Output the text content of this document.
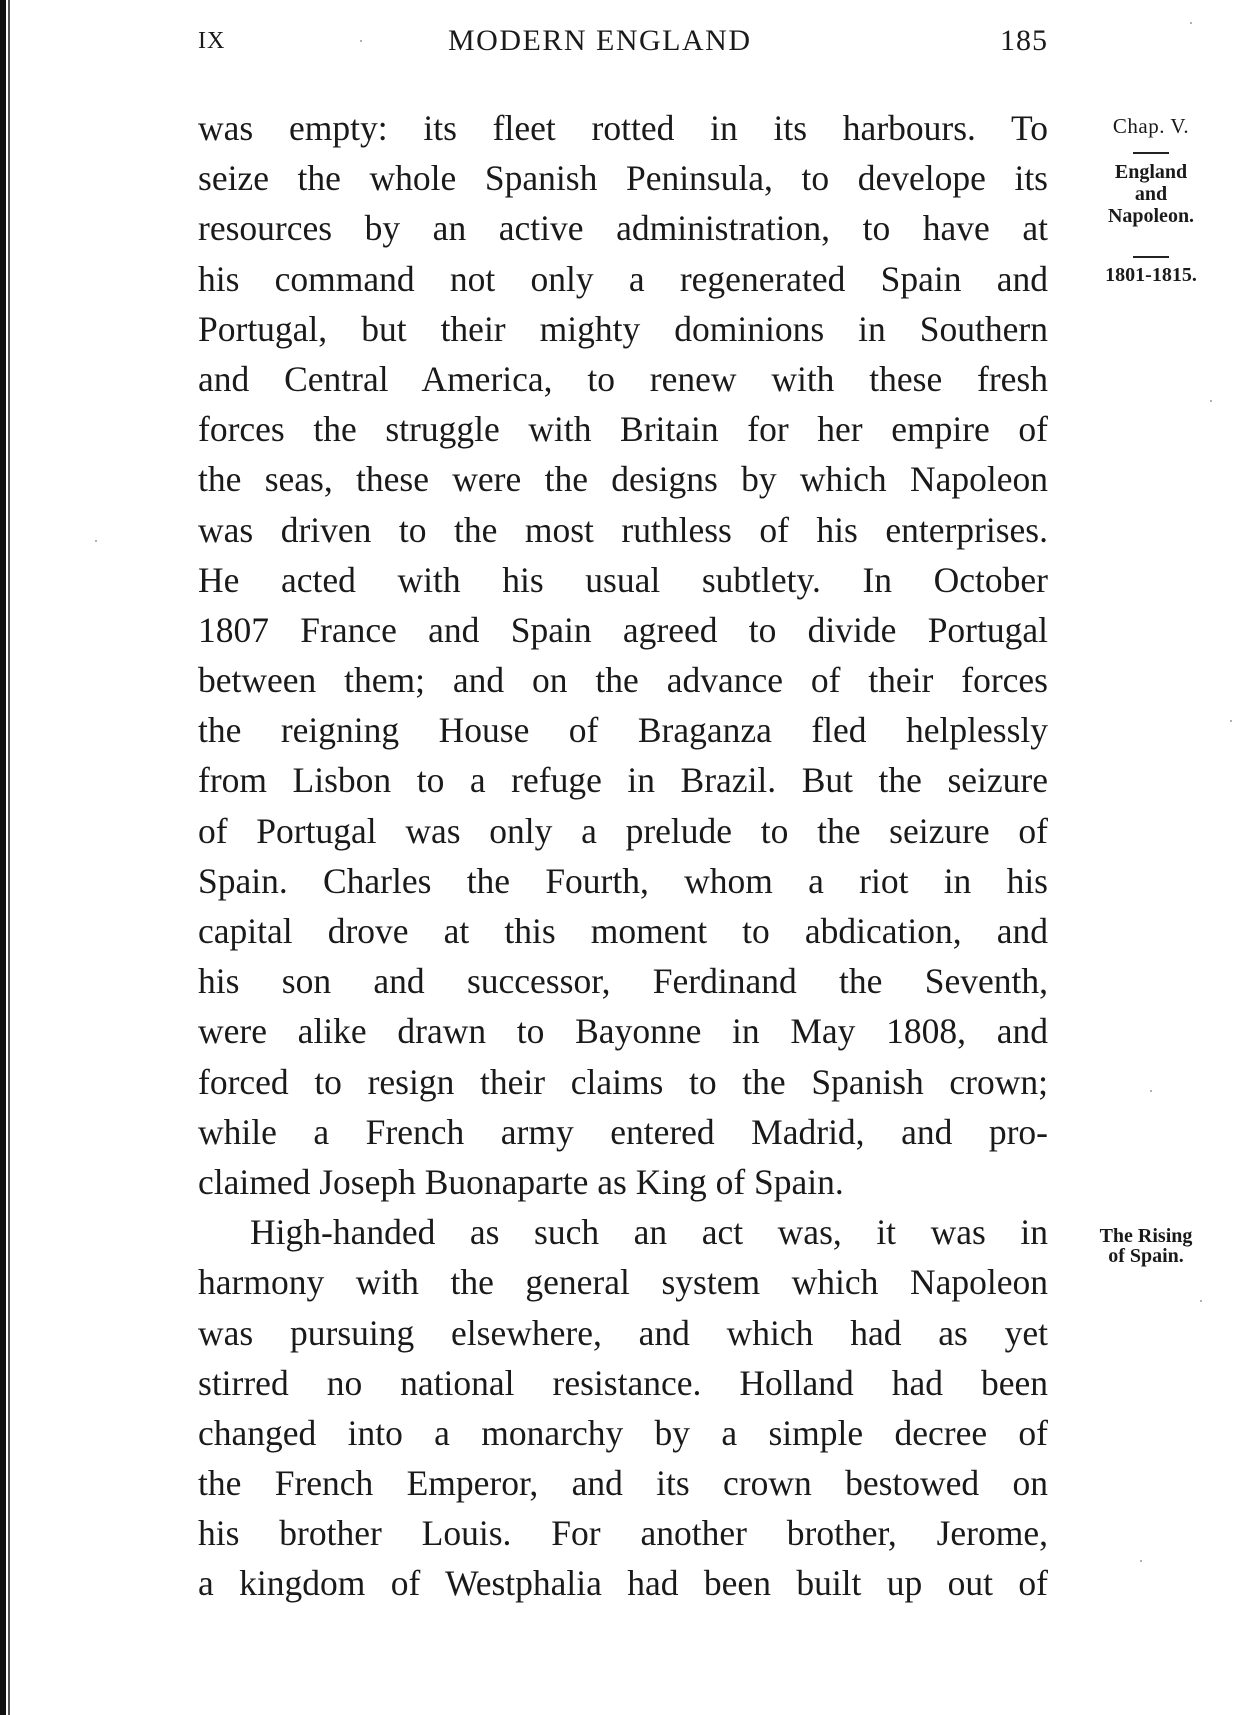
IX	MODERN ENGLAND	185
was empty: its fleet rotted in its harbours. To
seize the whole Spanish Peninsula, to develope its
resources by an active administration, to have at
his command not only a regenerated Spain and
Portugal, but their mighty dominions in Southern
and Central America, to renew with these fresh
forces the struggle with Britain for her empire of
the seas, these were the designs by which Napoleon
was driven to the most ruthless of his enterprises.
He acted with his usual subtlety. In October
1807 France and Spain agreed to divide Portugal
between them; and on the advance of their forces
the reigning House of Braganza fled helplessly
from Lisbon to a refuge in Brazil. But the seizure
of Portugal was only a prelude to the seizure of
Spain. Charles the Fourth, whom a riot in his
capital drove at this moment to abdication, and
his son and successor, Ferdinand the Seventh,
were alike drawn to Bayonne in May 1808, and
forced to resign their claims to the Spanish crown;
while a French army entered Madrid, and pro-
claimed Joseph Buonaparte as King of Spain.
High-handed as such an act was, it was in
harmony with the general system which Napoleon
was pursuing elsewhere, and which had as yet
stirred no national resistance. Holland had been
changed into a monarchy by a simple decree of
the French Emperor, and its crown bestowed on
his brother Louis. For another brother, Jerome,
a kingdom of Westphalia had been built up out of
Chap. V.
England
and
Napoleon.
1801-1815.
The Rising
of Spain.
